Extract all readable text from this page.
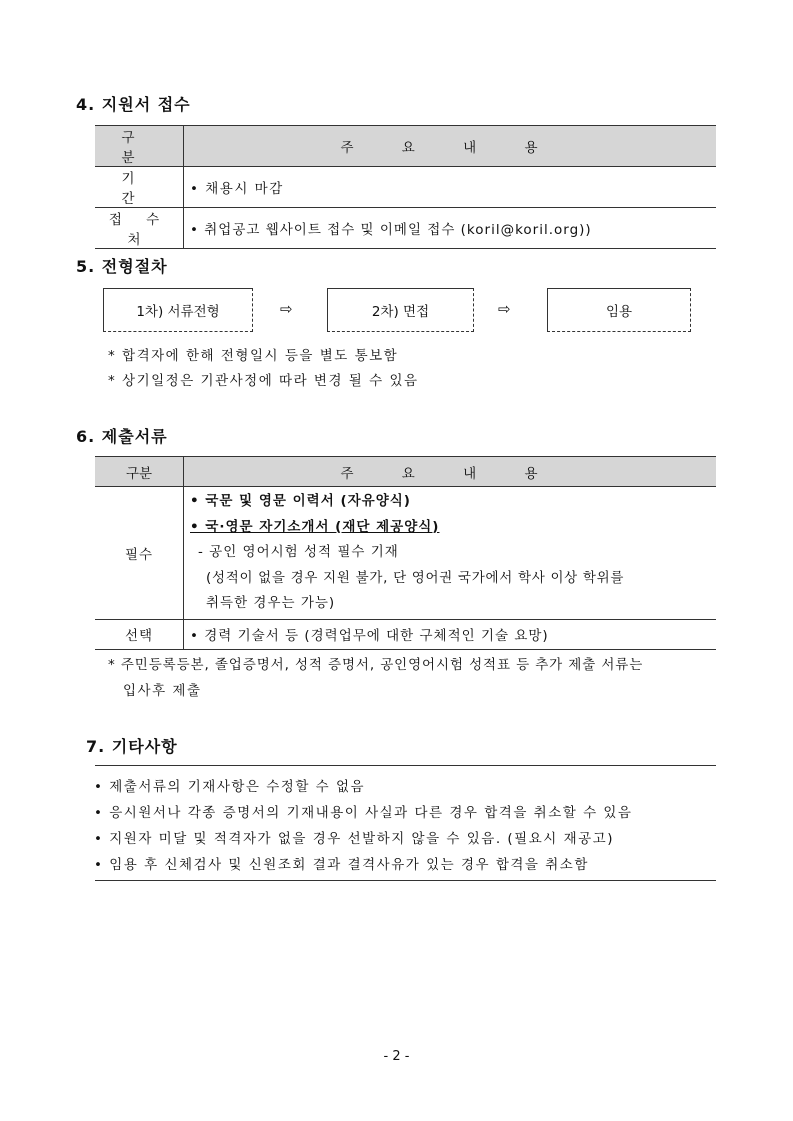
4. 지원서 접수
구 분	주 요 내 용
기 간	• 채용시 마감
접 수 처	• 취업공고 웹사이트 접수 및 이메일 접수 (koril@koril.org))
5. 전형절차
1차) 서류전형	⇨	2차) 면접	⇨	임용
* 합격자에 한해 전형일시 등을 별도 통보함
* 상기일정은 기관사정에 따라 변경 될 수 있음
6. 제출서류
구분	주 요 내 용
필수	• 국문 및 영문 이력서 (자유양식)
• 국·영문 자기소개서 (재단 제공양식)
- 공인 영어시험 성적 필수 기재
(성적이 없을 경우 지원 불가, 단 영어권 국가에서 학사 이상 학위를
취득한 경우는 가능)

선택	• 경력 기술서 등 (경력업무에 대한 구체적인 기술 요망)
* 주민등록등본, 졸업증명서, 성적 증명서, 공인영어시험 성적표 등 추가 제출 서류는
입사후 제출
7. 기타사항
• 제출서류의 기재사항은 수정할 수 없음
• 응시원서나 각종 증명서의 기재내용이 사실과 다른 경우 합격을 취소할 수 있음
• 지원자 미달 및 적격자가 없을 경우 선발하지 않을 수 있음. (필요시 재공고)
• 임용 후 신체검사 및 신원조회 결과 결격사유가 있는 경우 합격을 취소함
- 2 -
